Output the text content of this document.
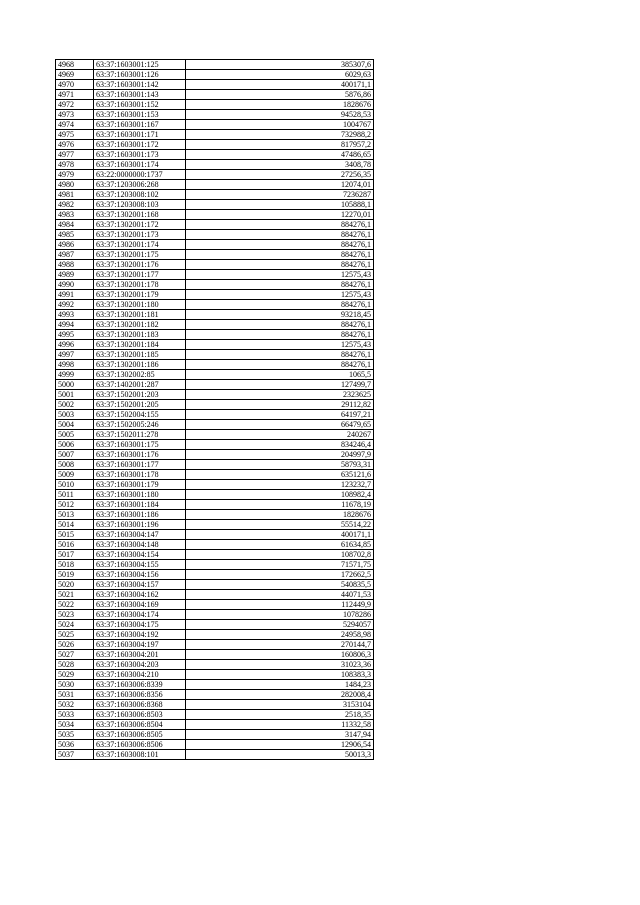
4968	63:37:1603001:125	385307,6
4969	63:37:1603001:126	6029,63
4970	63:37:1603001:142	400171,1
4971	63:37:1603001:143	5876,86
4972	63:37:1603001:152	1828676
4973	63:37:1603001:153	94528,53
4974	63:37:1603001:167	1004767
4975	63:37:1603001:171	732988,2
4976	63:37:1603001:172	817957,2
4977	63:37:1603001:173	47486,65
4978	63:37:1603001:174	3408,78
4979	63:22:0000000:1737	27256,35
4980	63:37:1203006:268	12074,01
4981	63:37:1203008:102	7236287
4982	63:37:1203008:103	105888,1
4983	63:37:1302001:168	12270,01
4984	63:37:1302001:172	884276,1
4985	63:37:1302001:173	884276,1
4986	63:37:1302001:174	884276,1
4987	63:37:1302001:175	884276,1
4988	63:37:1302001:176	884276,1
4989	63:37:1302001:177	12575,43
4990	63:37:1302001:178	884276,1
4991	63:37:1302001:179	12575,43
4992	63:37:1302001:180	884276,1
4993	63:37:1302001:181	93218,45
4994	63:37:1302001:182	884276,1
4995	63:37:1302001:183	884276,1
4996	63:37:1302001:184	12575,43
4997	63:37:1302001:185	884276,1
4998	63:37:1302001:186	884276,1
4999	63:37:1302002:85	1065,5
5000	63:37:1402001:287	127499,7
5001	63:37:1502001:203	2323625
5002	63:37:1502001:205	29112,82
5003	63:37:1502004:155	64197,21
5004	63:37:1502005:246	66479,65
5005	63:37:1502011:278	240267
5006	63:37:1603001:175	834246,4
5007	63:37:1603001:176	204997,9
5008	63:37:1603001:177	58793,31
5009	63:37:1603001:178	635121,6
5010	63:37:1603001:179	123232,7
5011	63:37:1603001:180	108982,4
5012	63:37:1603001:184	11678,19
5013	63:37:1603001:186	1828676
5014	63:37:1603001:196	55514,22
5015	63:37:1603004:147	400171,1
5016	63:37:1603004:148	61634,85
5017	63:37:1603004:154	108702,8
5018	63:37:1603004:155	71571,75
5019	63:37:1603004:156	172662,5
5020	63:37:1603004:157	540835,5
5021	63:37:1603004:162	44071,53
5022	63:37:1603004:169	112449,9
5023	63:37:1603004:174	1078286
5024	63:37:1603004:175	5294057
5025	63:37:1603004:192	24958,98
5026	63:37:1603004:197	270144,7
5027	63:37:1603004:201	160806,3
5028	63:37:1603004:203	31023,36
5029	63:37:1603004:210	108383,3
5030	63:37:1603006:8339	1484,23
5031	63:37:1603006:8356	282008,4
5032	63:37:1603006:8368	3153104
5033	63:37:1603006:8503	2518,35
5034	63:37:1603006:8504	11332,58
5035	63:37:1603006:8505	3147,94
5036	63:37:1603006:8506	12906,54
5037	63:37:1603008:101	50013,3
